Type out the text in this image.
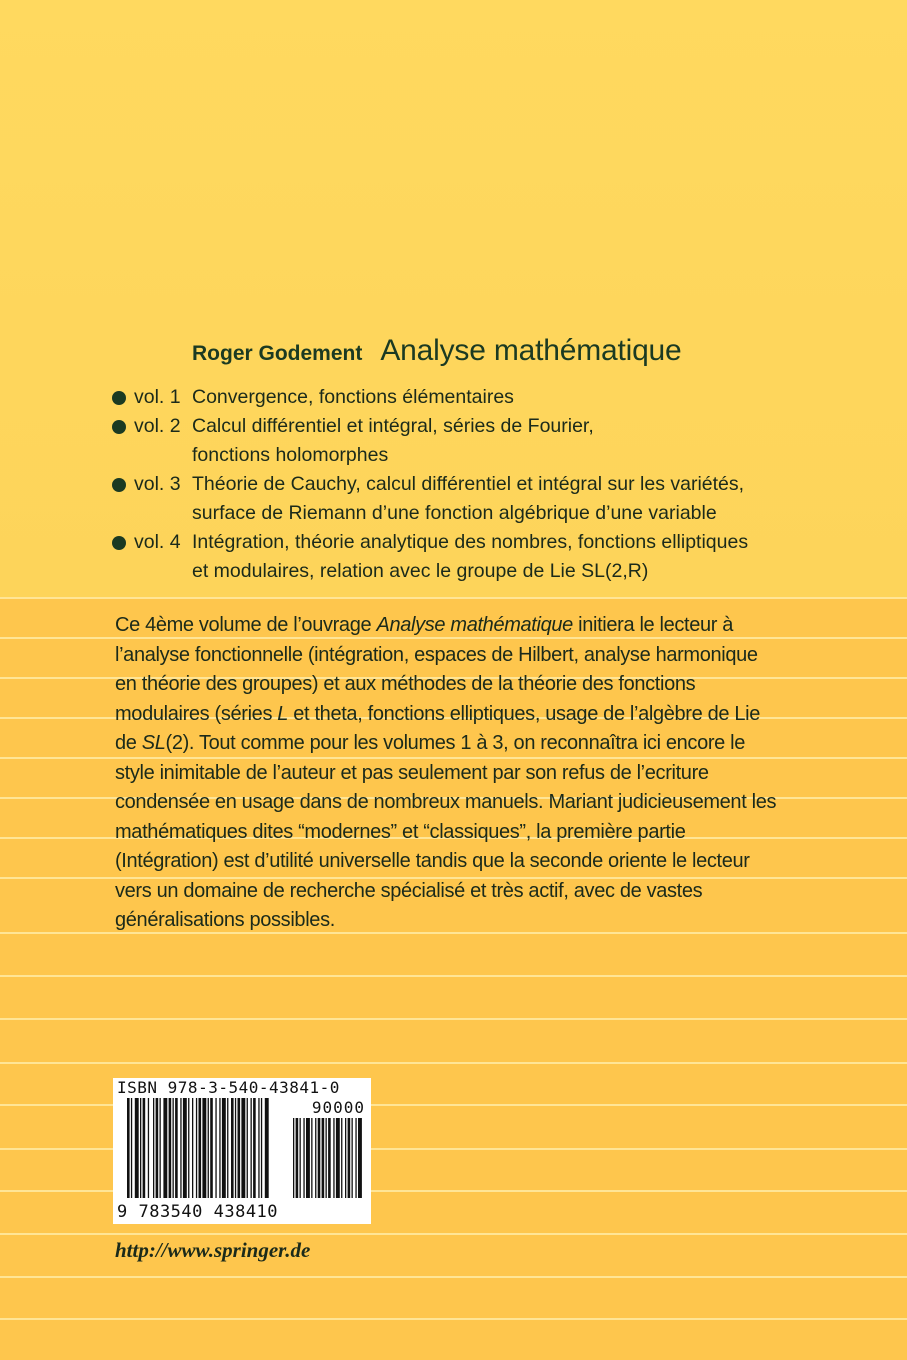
Roger Godement Analyse mathématique
vol. 1 Convergence, fonctions élémentaires
vol. 2 Calcul différentiel et intégral, séries de Fourier,
fonctions holomorphes
vol. 3 Théorie de Cauchy, calcul différentiel et intégral sur les variétés,
surface de Riemann d’une fonction algébrique d’une variable
vol. 4 Intégration, théorie analytique des nombres, fonctions elliptiques
et modulaires, relation avec le groupe de Lie SL(2,R)
Ce 4ème volume de l’ouvrage Analyse mathématique initiera le lecteur à l’analyse fonctionnelle (intégration, espaces de Hilbert, analyse harmonique en théorie des groupes) et aux méthodes de la théorie des fonctions modulaires (séries L et theta, fonctions elliptiques, usage de l’algèbre de Lie de SL(2). Tout comme pour les volumes 1 à 3, on reconnaîtra ici encore le style inimitable de l’auteur et pas seulement par son refus de l’ecriture condensée en usage dans de nombreux manuels. Mariant judicieusement les mathématiques dites “modernes” et “classiques”, la première partie (Intégration) est d’utilité universelle tandis que la seconde oriente le lecteur vers un domaine de recherche spécialisé et très actif, avec de vastes généralisations possibles.
ISBN 978-3-540-43841-0
90000
9 783540 438410
http://www.springer.de
